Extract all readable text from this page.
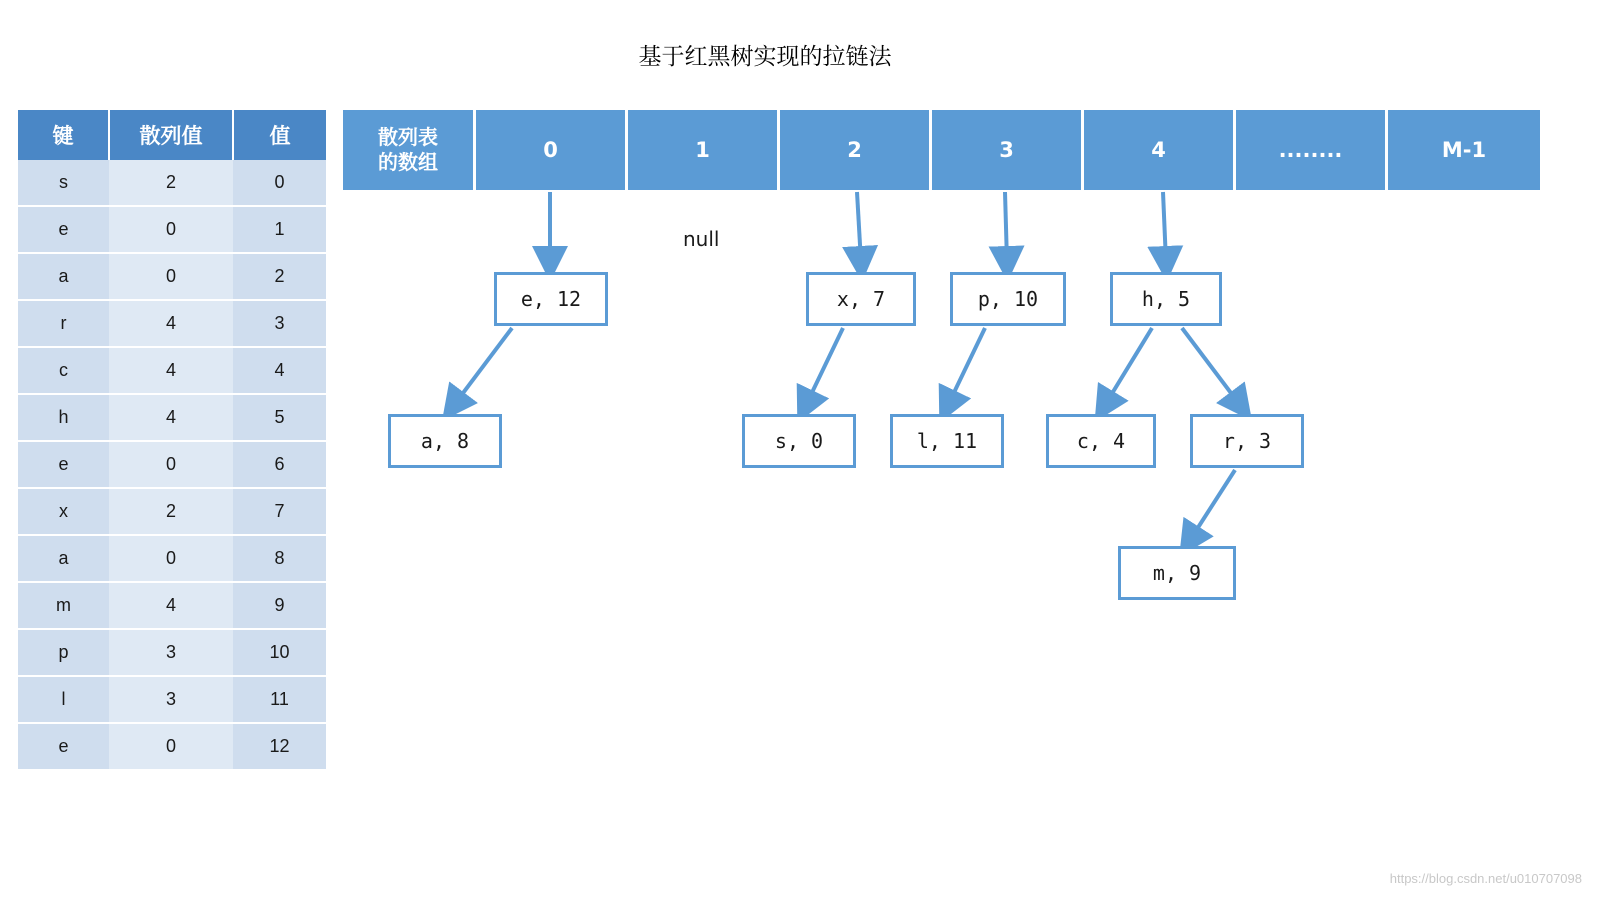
基于红黑树实现的拉链法
键	散列值	值
s	2	0
e	0	1
a	0	2
r	4	3
c	4	4
h	4	5
e	0	6
x	2	7
a	0	8
m	4	9
p	3	10
l	3	11
e	0	12
散列表
的数组	0	1	2	3	4	........	M-1
null
e, 12
a, 8
x, 7
s, 0
p, 10
l, 11
h, 5
c, 4	r, 3
m, 9
https://blog.csdn.net/u010707098
